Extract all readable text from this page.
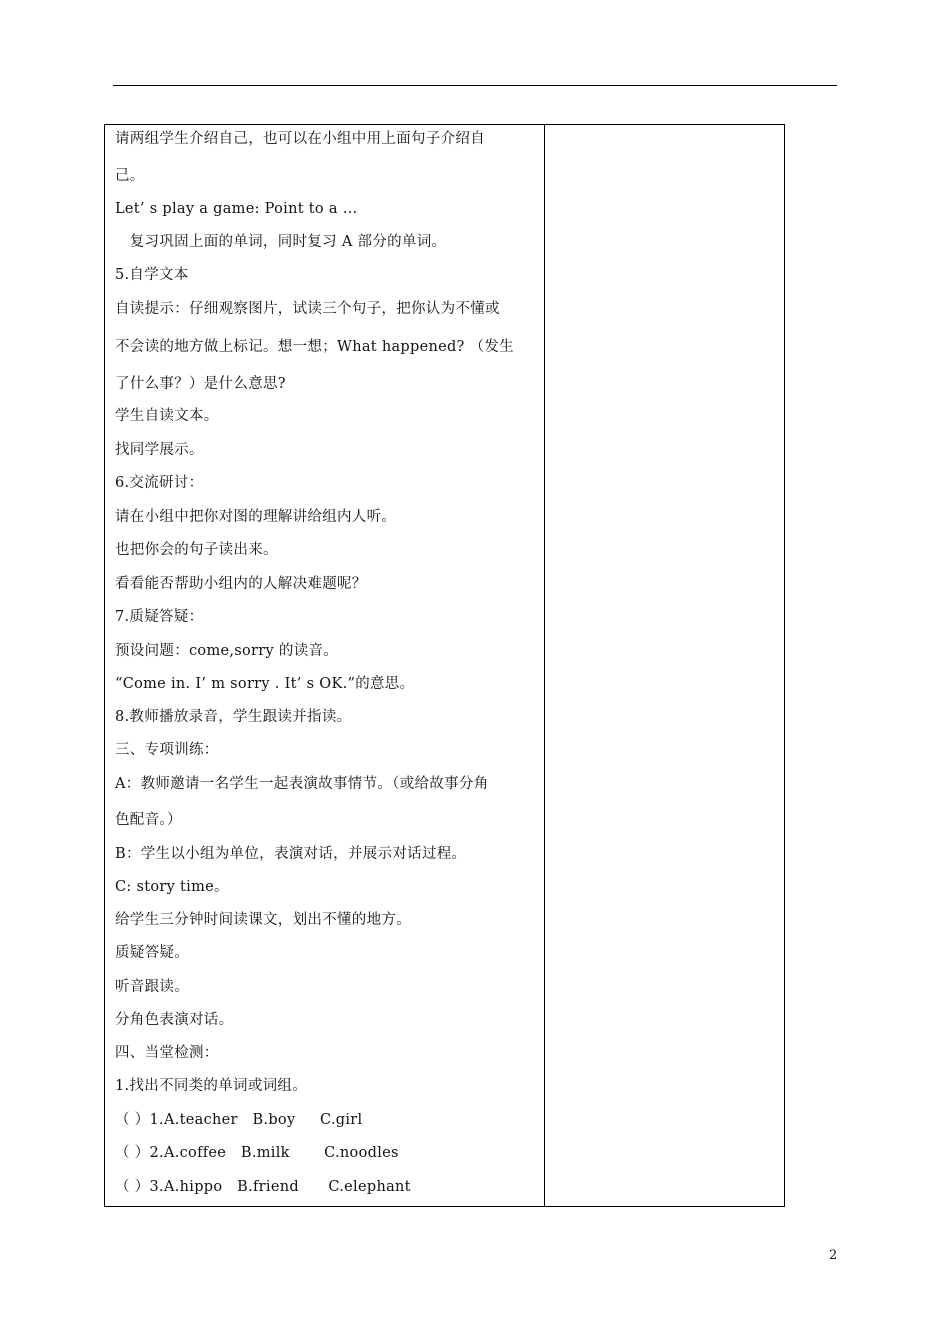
请两组学生介绍自己，也可以在小组中用上面句子介绍自
己。
Let’ s play a game: Point to a …
复习巩固上面的单词，同时复习 A 部分的单词。
5.自学文本
自读提示：仔细观察图片，试读三个句子，把你认为不懂或
不会读的地方做上标记。想一想；What happened? （发生
了什么事？）是什么意思?
学生自读文本。
找同学展示。
6.交流研讨：
请在小组中把你对图的理解讲给组内人听。
也把你会的句子读出来。
看看能否帮助小组内的人解决难题呢？
7.质疑答疑：
预设问题：come,sorry 的读音。
“Come in. I’ m sorry . It’ s OK.”的意思。
8.教师播放录音，学生跟读并指读。
三、专项训练：
A：教师邀请一名学生一起表演故事情节。（或给故事分角
色配音。）
B：学生以小组为单位，表演对话，并展示对话过程。
C: story time。
给学生三分钟时间读课文，划出不懂的地方。
质疑答疑。
听音跟读。
分角色表演对话。
四、当堂检测：
1.找出不同类的单词或词组。
（ ）1.A.teacher   B.boy     C.girl
（ ）2.A.coffee   B.milk       C.noodles
（ ）3.A.hippo   B.friend      C.elephant
2
